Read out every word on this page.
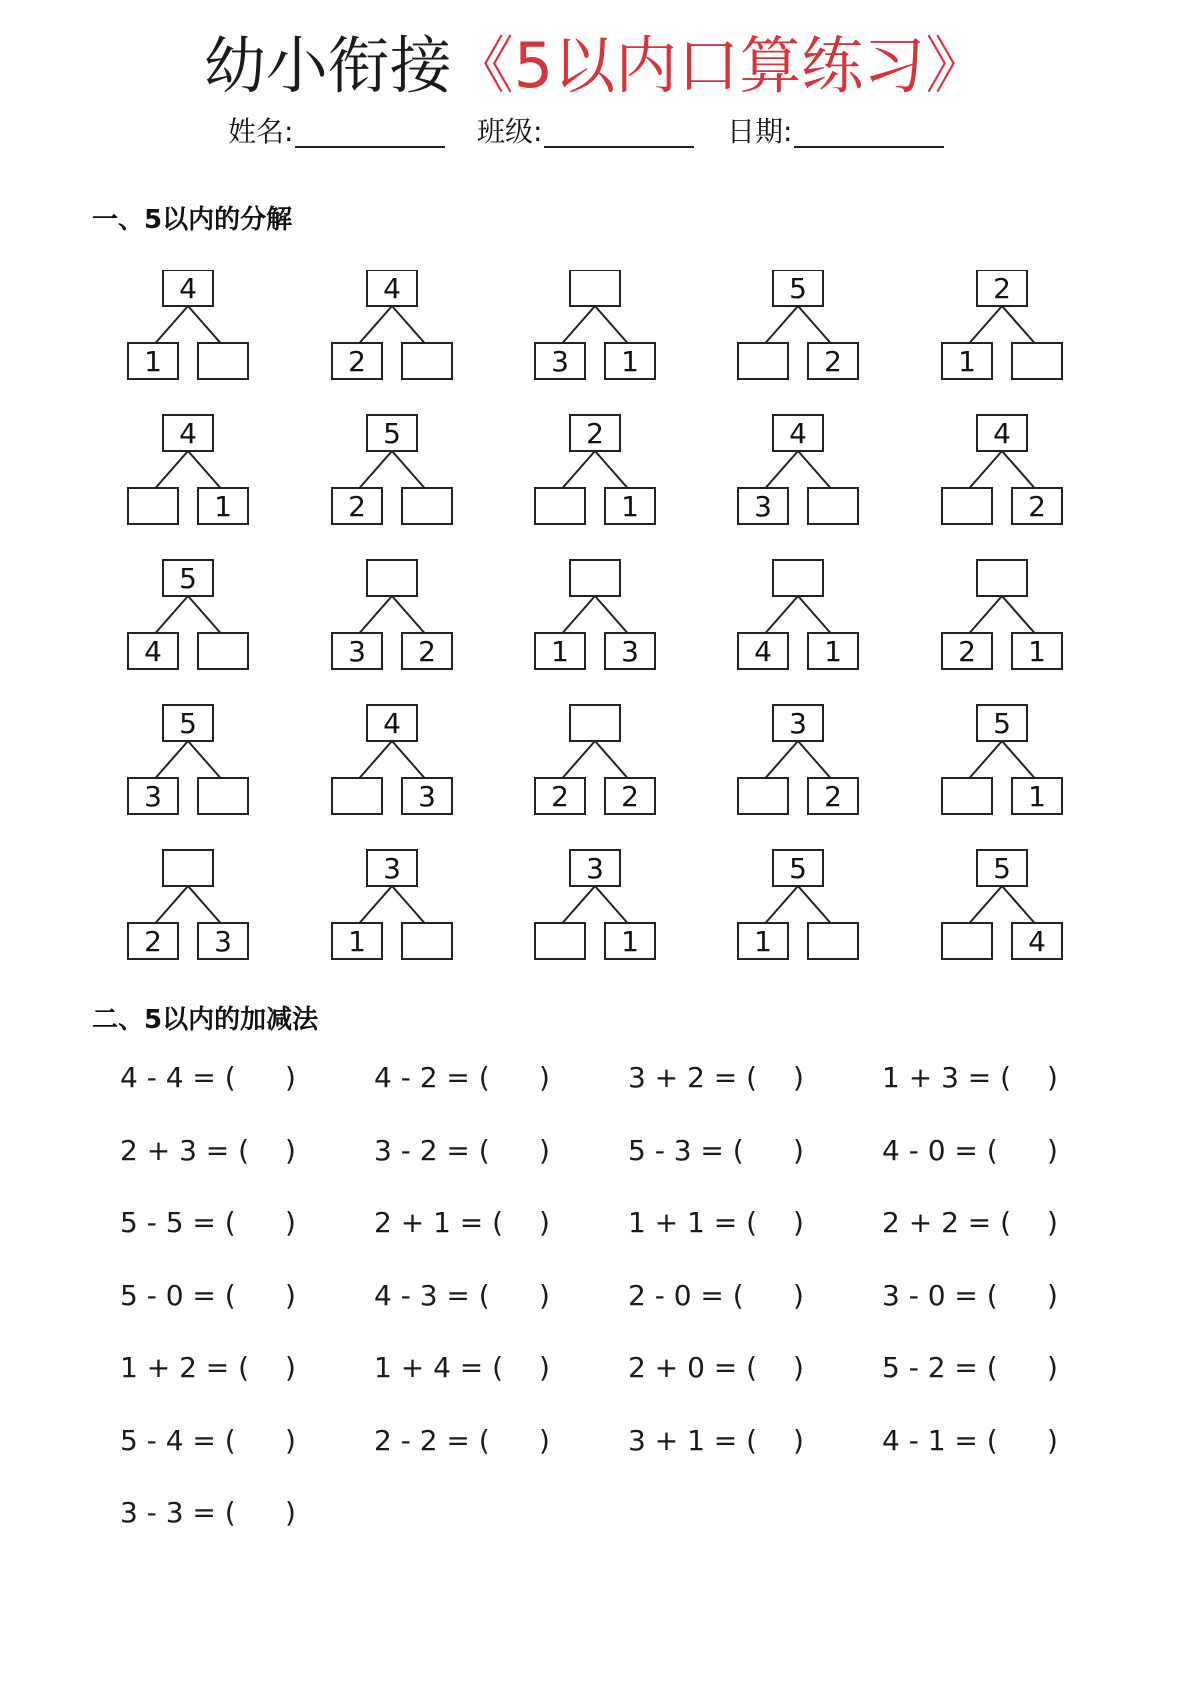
幼小衔接《5以内口算练习》
姓名:	班级:	日期:
一、5以内的分解
4
1
4
2	3 1
5
2
2
1
4
1
5
2
2
1
4
3
4
2
5
4	3 2	1 3	4 1	2 1
5
3
4
3	2 2
3
2
5
1
2 3
3
1
3
1
5
1
5
4
二、5以内的加减法
4 - 4 = ( )	4 - 2 = ( )	3 + 2 = ( )	1 + 3 = ( )
2 + 3 = ( )	3 - 2 = ( )	5 - 3 = ( )	4 - 0 = ( )
5 - 5 = ( )	2 + 1 = ( )	1 + 1 = ( )	2 + 2 = ( )
5 - 0 = ( )	4 - 3 = ( )	2 - 0 = ( )	3 - 0 = ( )
1 + 2 = ( )	1 + 4 = ( )	2 + 0 = ( )	5 - 2 = ( )
5 - 4 = ( )	2 - 2 = ( )	3 + 1 = ( )	4 - 1 = ( )
3 - 3 = ( )
